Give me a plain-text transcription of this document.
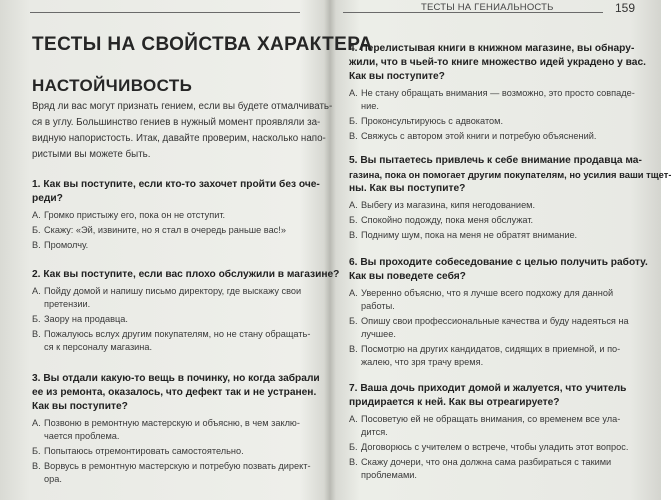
ТЕСТЫ НА СВОЙСТВА ХАРАКТЕРА
НАСТОЙЧИВОСТЬ

Вряд ли вас могут признать гением, если вы будете отмалчивать-
ся в углу. Большинство гениев в нужный момент проявляли за-
видную напористость. Итак, давайте проверим, насколько напо-
ристыми вы можете быть.

1. Как вы поступите, если кто-то захочет пройти без оче-
реди?

А. Громко пристыжу его, пока он не отступит.
Б. Скажу: «Эй, извините, но я стал в очередь раньше вас!»
В. Промолчу.

2. Как вы поступите, если вас плохо обслужили в магазине?

А. Пойду домой и напишу письмо директору, где выскажу свои
претензии.
Б. Заору на продавца.
В. Пожалуюсь вслух другим покупателям, но не стану обращать-
ся к персоналу магазина.

3. Вы отдали какую-то вещь в починку, но когда забрали
ее из ремонта, оказалось, что дефект так и не устранен.
Как вы поступите?

А. Позвоню в ремонтную мастерскую и объясню, в чем заклю-
чается проблема.
Б. Попытаюсь отремонтировать самостоятельно.
В. Ворвусь в ремонтную мастерскую и потребую позвать директ-
ора.
ТЕСТЫ НА ГЕНИАЛЬНОСТЬ	159

4. Перелистывая книги в книжном магазине, вы обнару-
жили, что в чьей-то книге множество идей украдено у вас.
Как вы поступите?

А. Не стану обращать внимания — возможно, это просто совпаде-
ние.
Б. Проконсультируюсь с адвокатом.
В. Свяжусь с автором этой книги и потребую объяснений.

5. Вы пытаетесь привлечь к себе внимание продавца ма-
газина, пока он помогает другим покупателям, но усилия ваши тщет-
ны. Как вы поступите?

А. Выбегу из магазина, кипя негодованием.
Б. Спокойно подожду, пока меня обслужат.
В. Подниму шум, пока на меня не обратят внимание.

6. Вы проходите собеседование с целью получить работу.
Как вы поведете себя?

А. Уверенно объясню, что я лучше всего подхожу для данной
работы.
Б. Опишу свои профессиональные качества и буду надеяться на
лучшее.
В. Посмотрю на других кандидатов, сидящих в приемной, и по-
жалею, что зря трачу время.

7. Ваша дочь приходит домой и жалуется, что учитель
придирается к ней. Как вы отреагируете?

А. Посоветую ей не обращать внимания, со временем все ула-
дится.
Б. Договорюсь с учителем о встрече, чтобы уладить этот вопрос.
В. Скажу дочери, что она должна сама разбираться с такими
проблемами.
